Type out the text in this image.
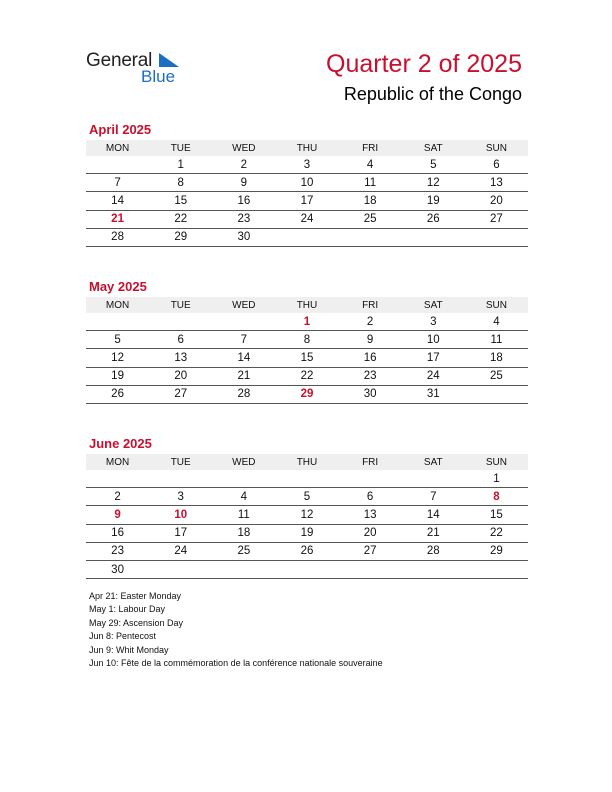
General
Blue	Quarter 2 of 2025
Republic of the Congo
April 2025
MON	TUE	WED	THU	FRI	SAT	SUN
	1	2	3	4	5	6
7	8	9	10	11	12	13
14	15	16	17	18	19	20
21	22	23	24	25	26	27
28	29	30				
May 2025
MON	TUE	WED	THU	FRI	SAT	SUN
			1	2	3	4
5	6	7	8	9	10	11
12	13	14	15	16	17	18
19	20	21	22	23	24	25
26	27	28	29	30	31	
June 2025
MON	TUE	WED	THU	FRI	SAT	SUN
						1
2	3	4	5	6	7	8
9	10	11	12	13	14	15
16	17	18	19	20	21	22
23	24	25	26	27	28	29
30						
Apr 21: Easter Monday
May 1: Labour Day
May 29: Ascension Day
Jun 8: Pentecost
Jun 9: Whit Monday
Jun 10: Fête de la commémoration de la conférence nationale souveraine
